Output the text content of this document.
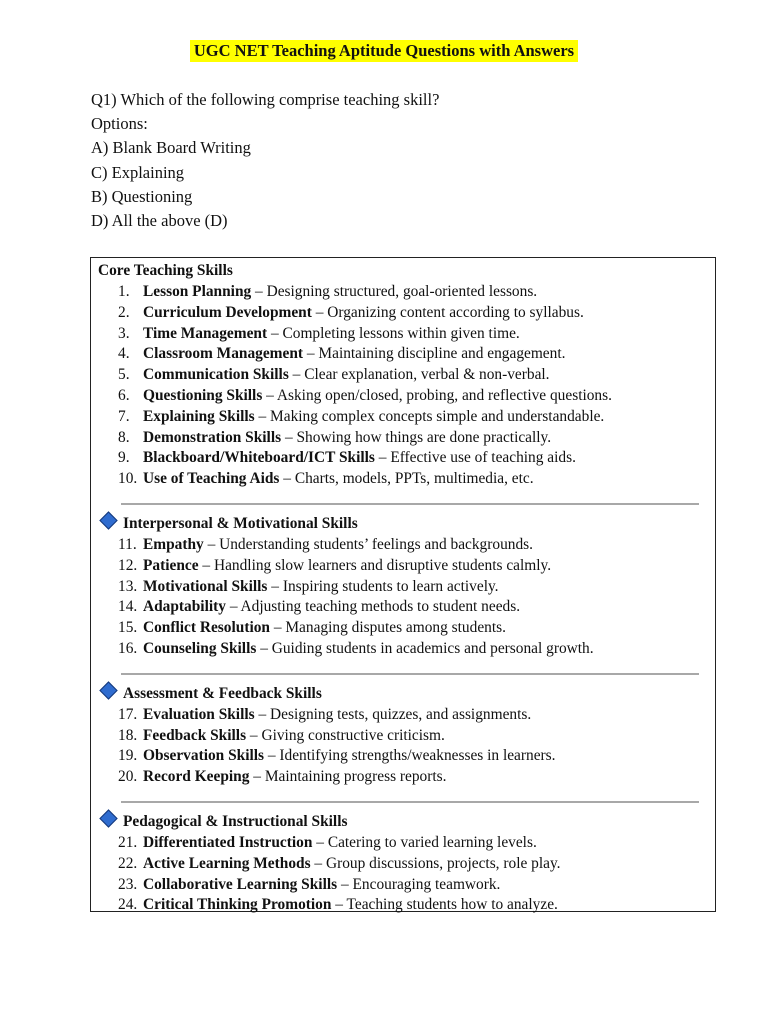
UGC NET Teaching Aptitude Questions with Answers
Q1) Which of the following comprise teaching skill?
Options:
A) Blank Board Writing
C) Explaining
B) Questioning
D) All the above (D)
Core Teaching Skills
1. Lesson Planning – Designing structured, goal-oriented lessons.
2. Curriculum Development – Organizing content according to syllabus.
3. Time Management – Completing lessons within given time.
4. Classroom Management – Maintaining discipline and engagement.
5. Communication Skills – Clear explanation, verbal & non-verbal.
6. Questioning Skills – Asking open/closed, probing, and reflective questions.
7. Explaining Skills – Making complex concepts simple and understandable.
8. Demonstration Skills – Showing how things are done practically.
9. Blackboard/Whiteboard/ICT Skills – Effective use of teaching aids.
10. Use of Teaching Aids – Charts, models, PPTs, multimedia, etc.
Interpersonal & Motivational Skills
11. Empathy – Understanding students’ feelings and backgrounds.
12. Patience – Handling slow learners and disruptive students calmly.
13. Motivational Skills – Inspiring students to learn actively.
14. Adaptability – Adjusting teaching methods to student needs.
15. Conflict Resolution – Managing disputes among students.
16. Counseling Skills – Guiding students in academics and personal growth.
Assessment & Feedback Skills
17. Evaluation Skills – Designing tests, quizzes, and assignments.
18. Feedback Skills – Giving constructive criticism.
19. Observation Skills – Identifying strengths/weaknesses in learners.
20. Record Keeping – Maintaining progress reports.
Pedagogical & Instructional Skills
21. Differentiated Instruction – Catering to varied learning levels.
22. Active Learning Methods – Group discussions, projects, role play.
23. Collaborative Learning Skills – Encouraging teamwork.
24. Critical Thinking Promotion – Teaching students how to analyze.
